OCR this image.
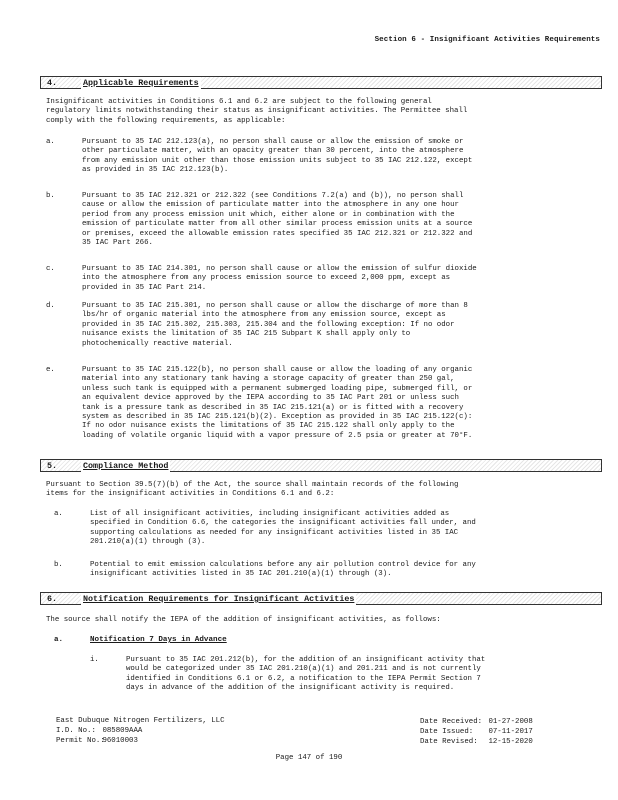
Section 6 - Insignificant Activities Requirements
4.	Applicable Requirements

Insignificant activities in Conditions 6.1 and 6.2 are subject to the following general
regulatory limits notwithstanding their status as insignificant activities. The Permittee shall
comply with the following requirements, as applicable:

a.	Pursuant to 35 IAC 212.123(a), no person shall cause or allow the emission of smoke or
other particulate matter, with an opacity greater than 30 percent, into the atmosphere
from any emission unit other than those emission units subject to 35 IAC 212.122, except
as provided in 35 IAC 212.123(b).
b.	Pursuant to 35 IAC 212.321 or 212.322 (see Conditions 7.2(a) and (b)), no person shall
cause or allow the emission of particulate matter into the atmosphere in any one hour
period from any process emission unit which, either alone or in combination with the
emission of particulate matter from all other similar process emission units at a source
or premises, exceed the allowable emission rates specified 35 IAC 212.321 or 212.322 and
35 IAC Part 266.
c.	Pursuant to 35 IAC 214.301, no person shall cause or allow the emission of sulfur dioxide
into the atmosphere from any process emission source to exceed 2,000 ppm, except as
provided in 35 IAC Part 214.
d.	Pursuant to 35 IAC 215.301, no person shall cause or allow the discharge of more than 8
lbs/hr of organic material into the atmosphere from any emission source, except as
provided in 35 IAC 215.302, 215.303, 215.304 and the following exception: If no odor
nuisance exists the limitation of 35 IAC 215 Subpart K shall apply only to
photochemically reactive material.
e.	Pursuant to 35 IAC 215.122(b), no person shall cause or allow the loading of any organic
material into any stationary tank having a storage capacity of greater than 250 gal,
unless such tank is equipped with a permanent submerged loading pipe, submerged fill, or
an equivalent device approved by the IEPA according to 35 IAC Part 201 or unless such
tank is a pressure tank as described in 35 IAC 215.121(a) or is fitted with a recovery
system as described in 35 IAC 215.121(b)(2). Exception as provided in 35 IAC 215.122(c):
If no odor nuisance exists the limitations of 35 IAC 215.122 shall only apply to the
loading of volatile organic liquid with a vapor pressure of 2.5 psia or greater at 70°F.
5.	Compliance Method

Pursuant to Section 39.5(7)(b) of the Act, the source shall maintain records of the following
items for the insignificant activities in Conditions 6.1 and 6.2:

a.	List of all insignificant activities, including insignificant activities added as
specified in Condition 6.6, the categories the insignificant activities fall under, and
supporting calculations as needed for any insignificant activities listed in 35 IAC
201.210(a)(1) through (3).
b.	Potential to emit emission calculations before any air pollution control device for any
insignificant activities listed in 35 IAC 201.210(a)(1) through (3).
6.	Notification Requirements for Insignificant Activities

The source shall notify the IEPA of the addition of insignificant activities, as follows:

a.	Notification 7 Days in Advance
i.	Pursuant to 35 IAC 201.212(b), for the addition of an insignificant activity that
would be categorized under 35 IAC 201.210(a)(1) and 201.211 and is not currently
identified in Conditions 6.1 or 6.2, a notification to the IEPA Permit Section 7
days in advance of the addition of the insignificant activity is required.
East Dubuque Nitrogen Fertilizers, LLC
I.D. No.: 085809AAA
Permit No.: 96010003
Date Received: 01-27-2008
Date Issued: 07-11-2017
Date Revised: 12-15-2020
Page 147 of 190
